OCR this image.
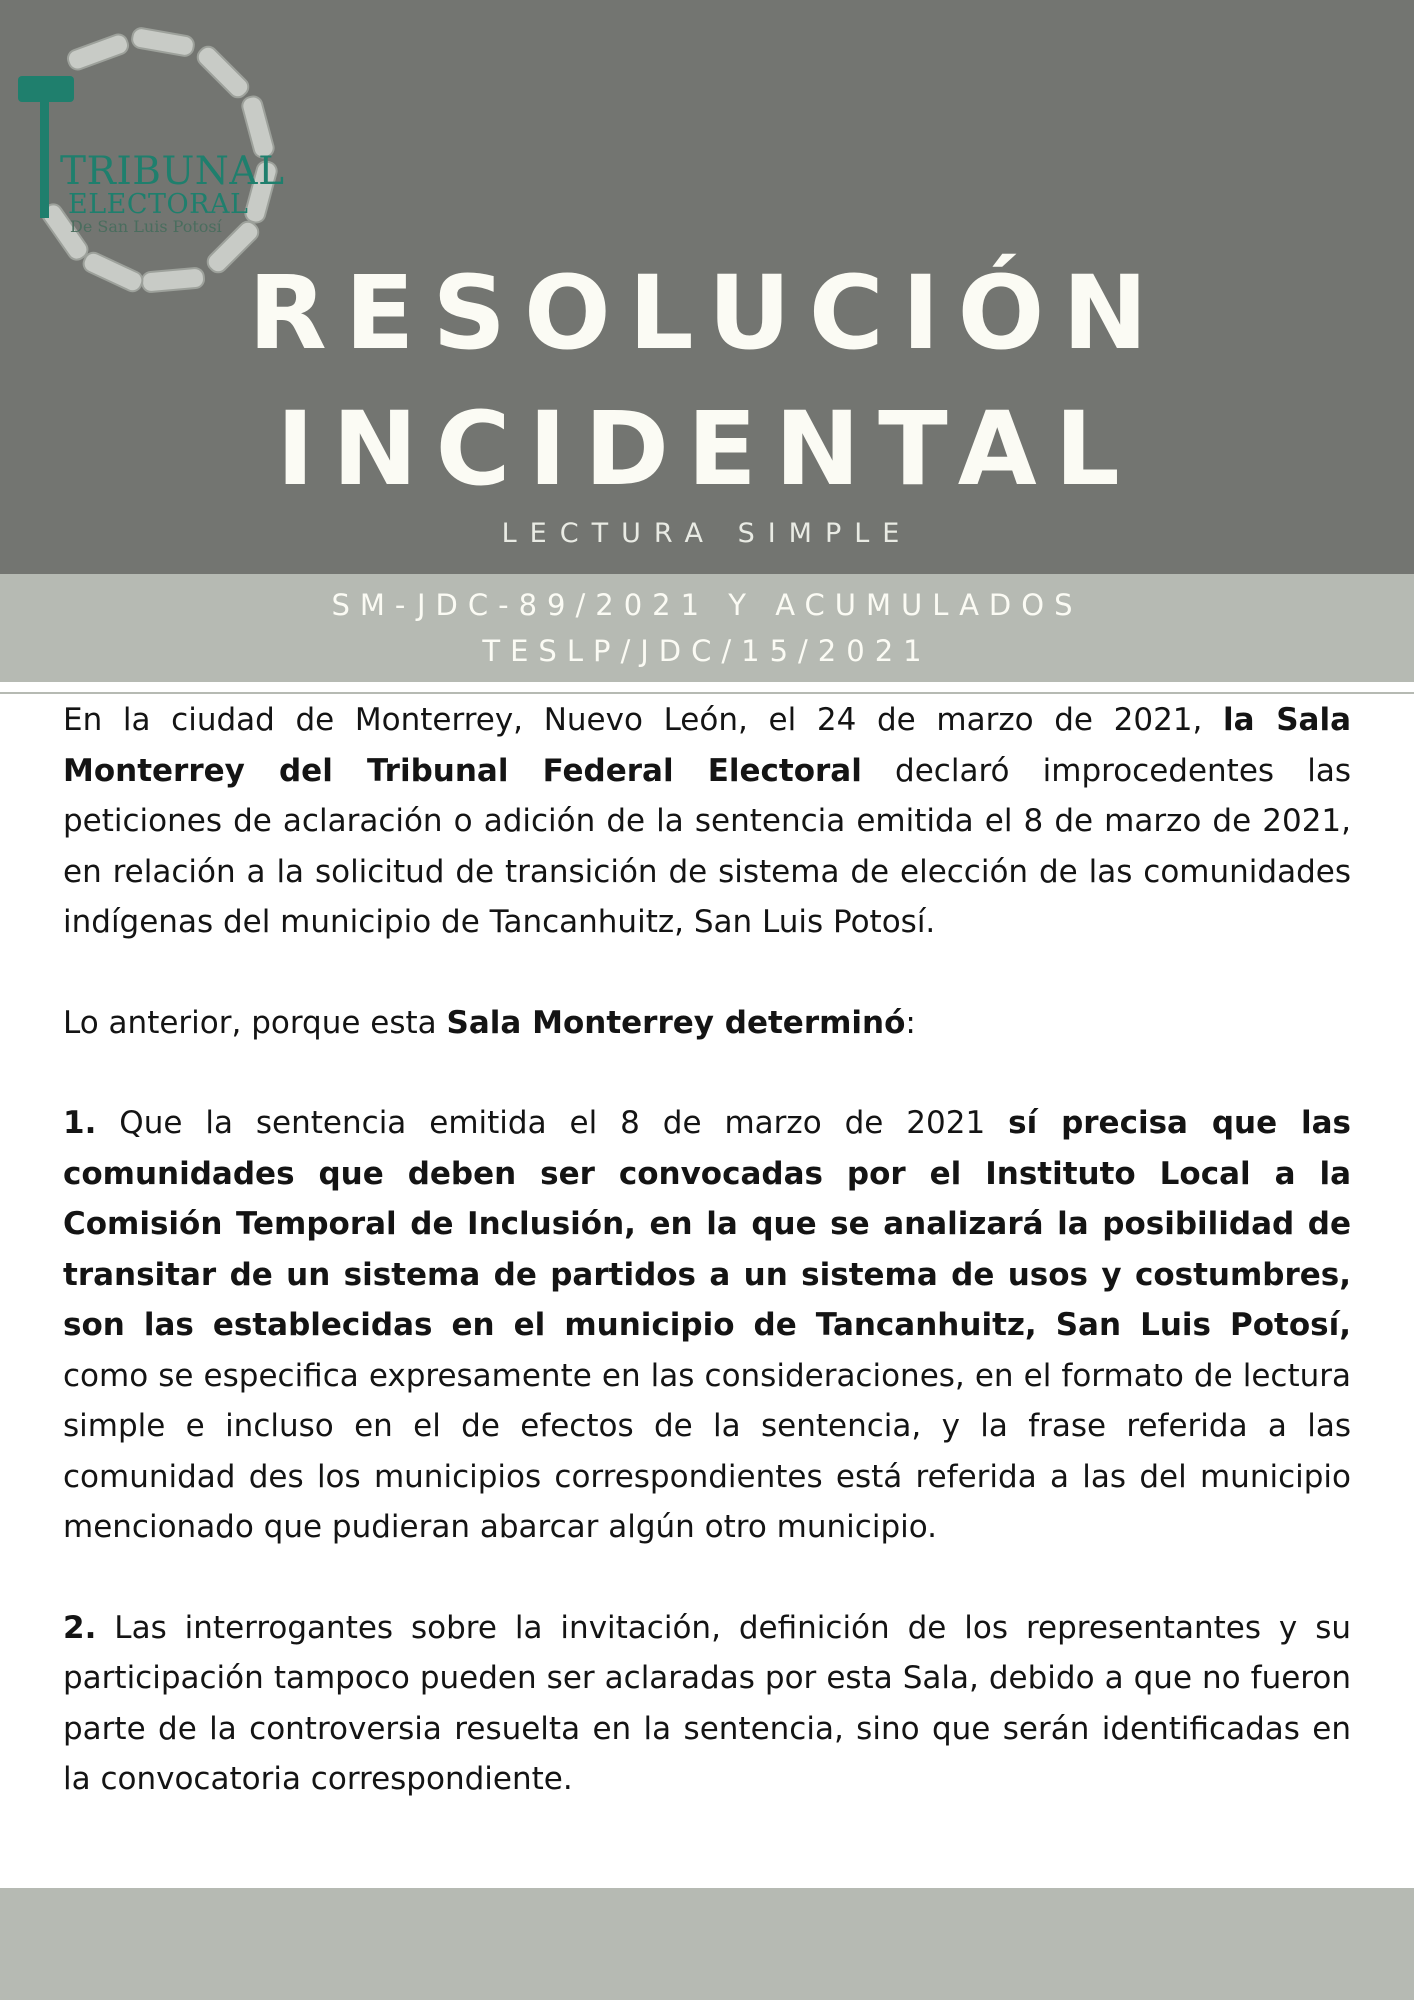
TRIBUNAL
ELECTORAL
De San Luis Potosí
RESOLUCIÓN
INCIDENTAL
LECTURA SIMPLE
SM-JDC-89/2021 Y ACUMULADOS
TESLP/JDC/15/2021

En la ciudad de Monterrey, Nuevo León, el 24 de marzo de 2021, la Sala Monterrey del Tribunal Federal Electoral declaró improcedentes las peticiones de aclaración o adición de la sentencia emitida el 8 de marzo de 2021, en relación a la solicitud de transición de sistema de elección de las comunidades indígenas del municipio de Tancanhuitz, San Luis Potosí.

Lo anterior, porque esta Sala Monterrey determinó:

1. Que la sentencia emitida el 8 de marzo de 2021 sí precisa que las comunidades que deben ser convocadas por el Instituto Local a la Comisión Temporal de Inclusión, en la que se analizará la posibilidad de transitar de un sistema de partidos a un sistema de usos y costumbres, son las establecidas en el municipio de Tancanhuitz, San Luis Potosí, como se especifica expresamente en las consideraciones, en el formato de lectura simple e incluso en el de efectos de la sentencia, y la frase referida a las comunidad des los municipios correspondientes está referida a las del municipio mencionado que pudieran abarcar algún otro municipio.

2. Las interrogantes sobre la invitación, definición de los representantes y su participación tampoco pueden ser aclaradas por esta Sala, debido a que no fueron parte de la controversia resuelta en la sentencia, sino que serán identificadas en la convocatoria correspondiente.
